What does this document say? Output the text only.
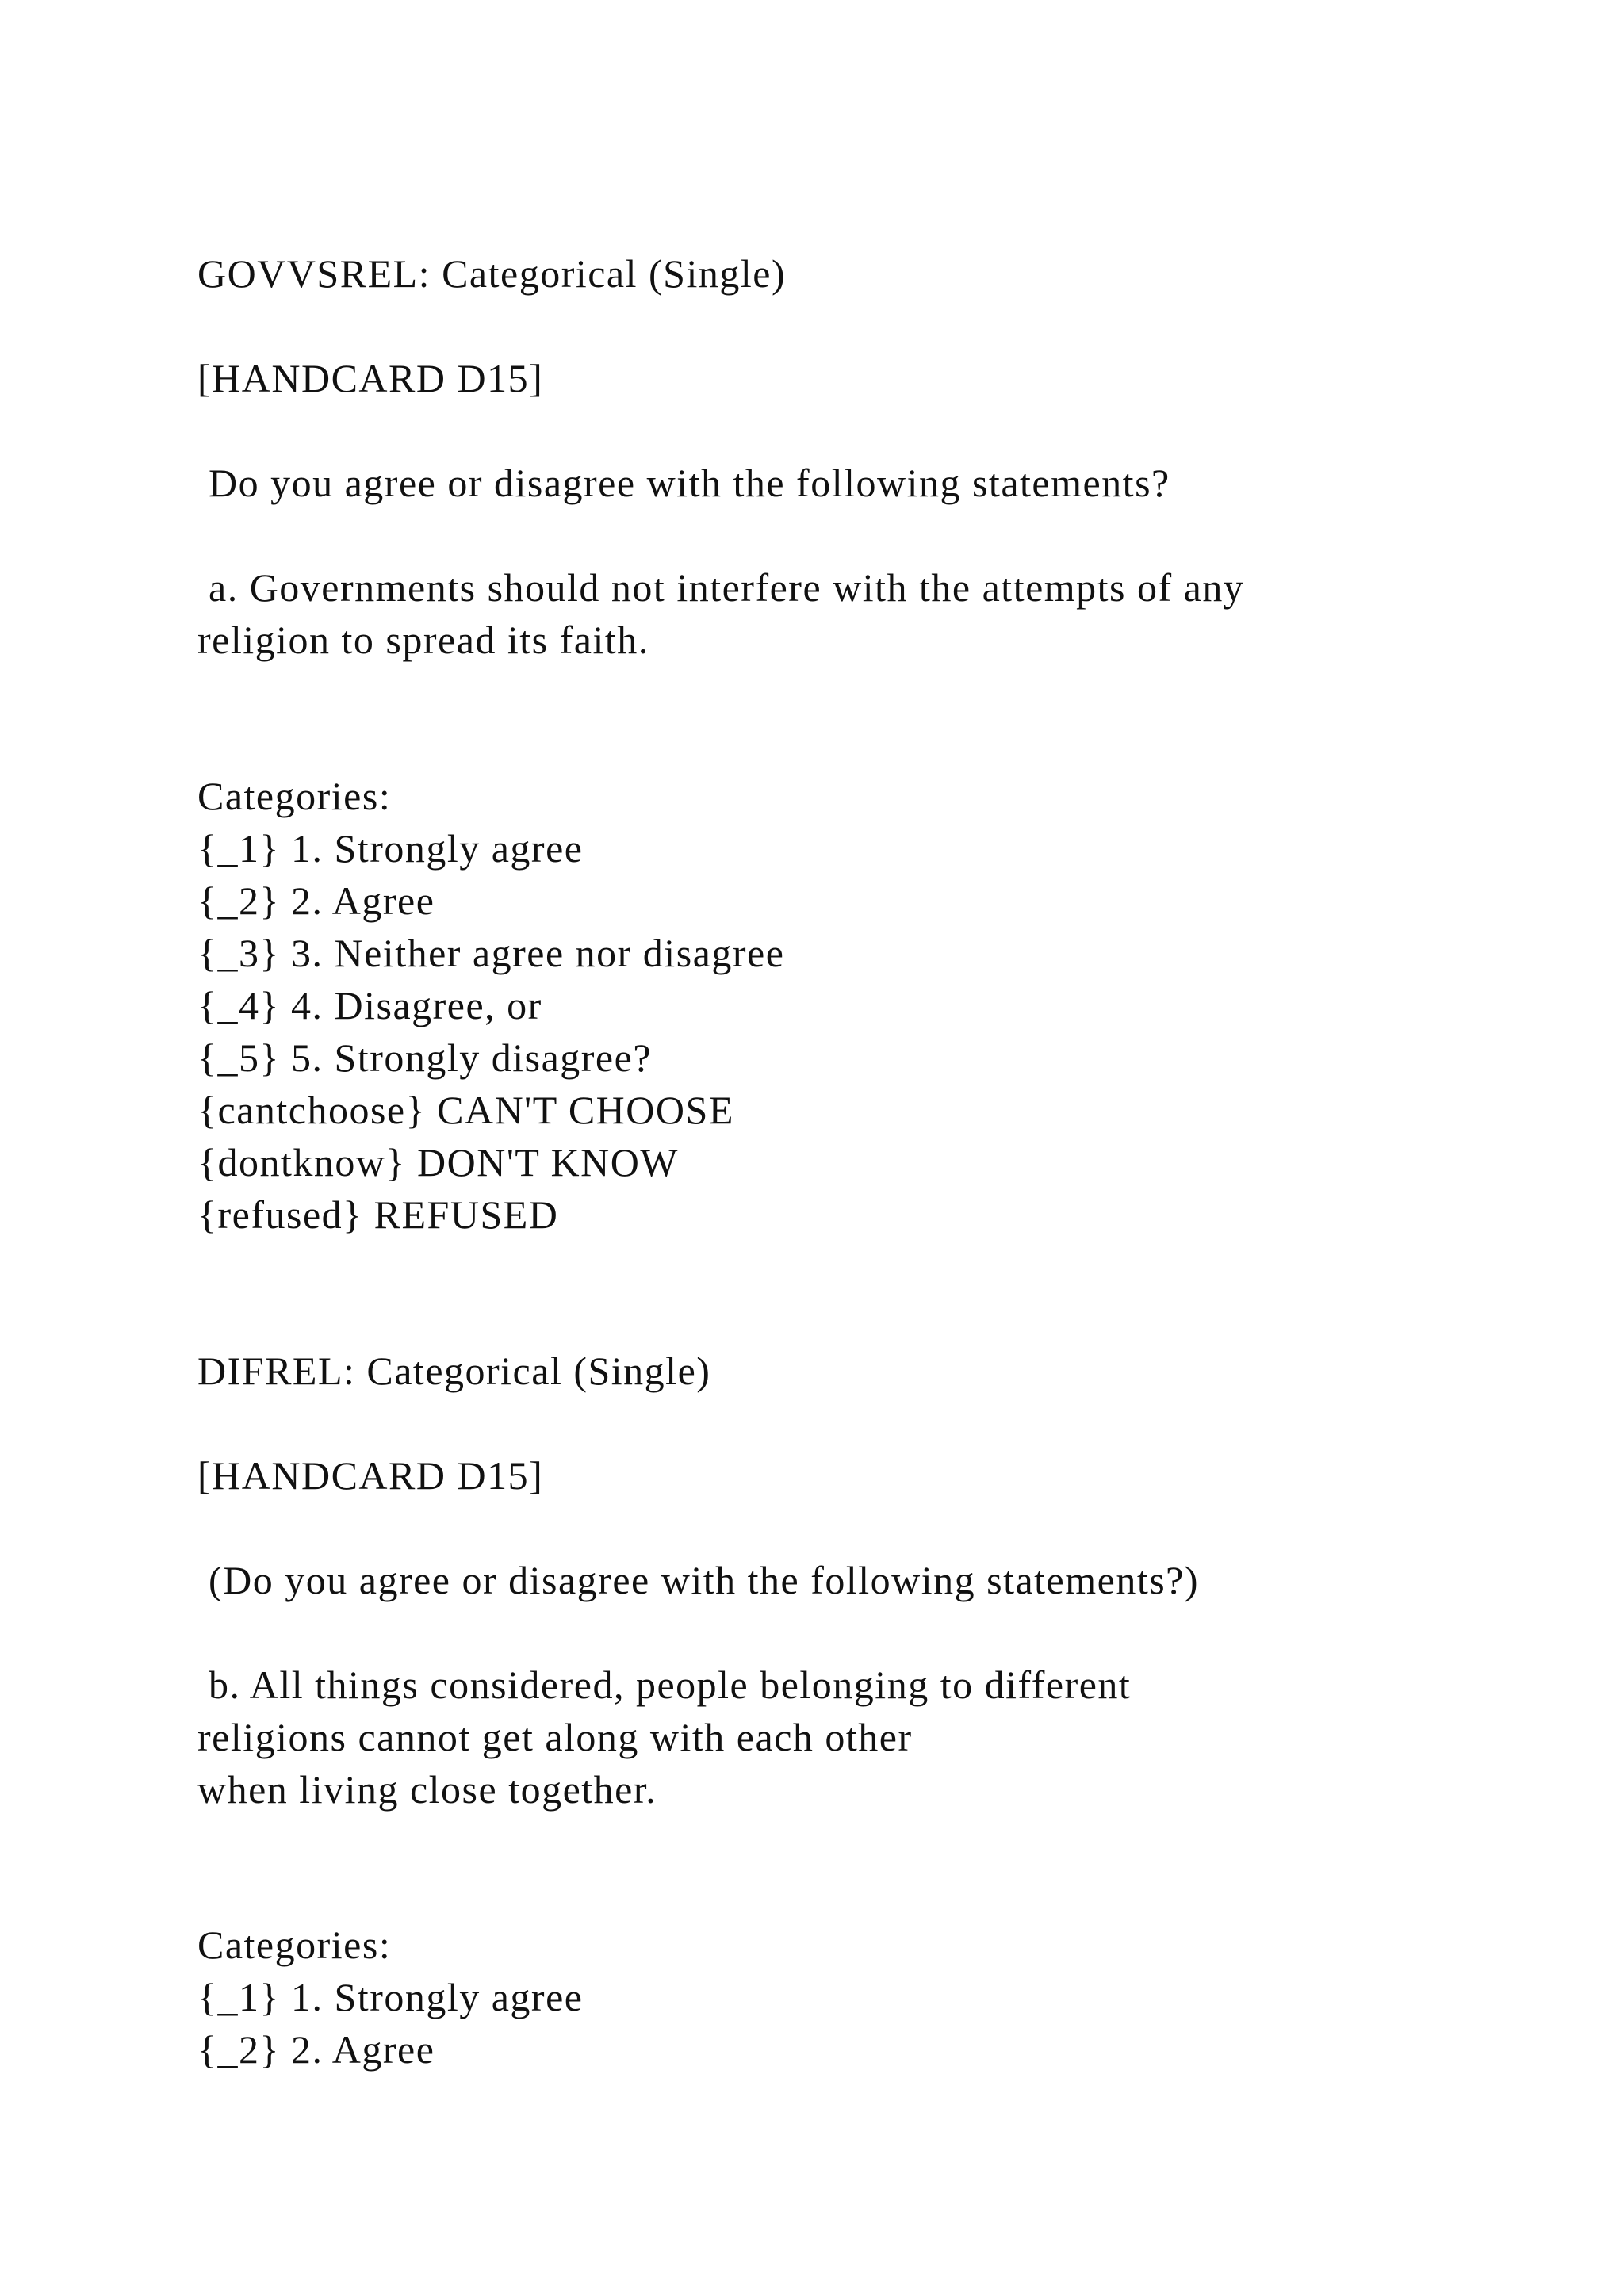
GOVVSREL: Categorical (Single)
[HANDCARD D15]
Do you agree or disagree with the following statements?
a. Governments should not interfere with the attempts of any
religion to spread its faith.
Categories:
{_1} 1. Strongly agree
{_2} 2. Agree
{_3} 3. Neither agree nor disagree
{_4} 4. Disagree, or
{_5} 5. Strongly disagree?
{cantchoose} CAN'T CHOOSE
{dontknow} DON'T KNOW
{refused} REFUSED
DIFREL: Categorical (Single)
[HANDCARD D15]
(Do you agree or disagree with the following statements?)
b. All things considered, people belonging to different
religions cannot get along with each other
when living close together.
Categories:
{_1} 1. Strongly agree
{_2} 2. Agree
